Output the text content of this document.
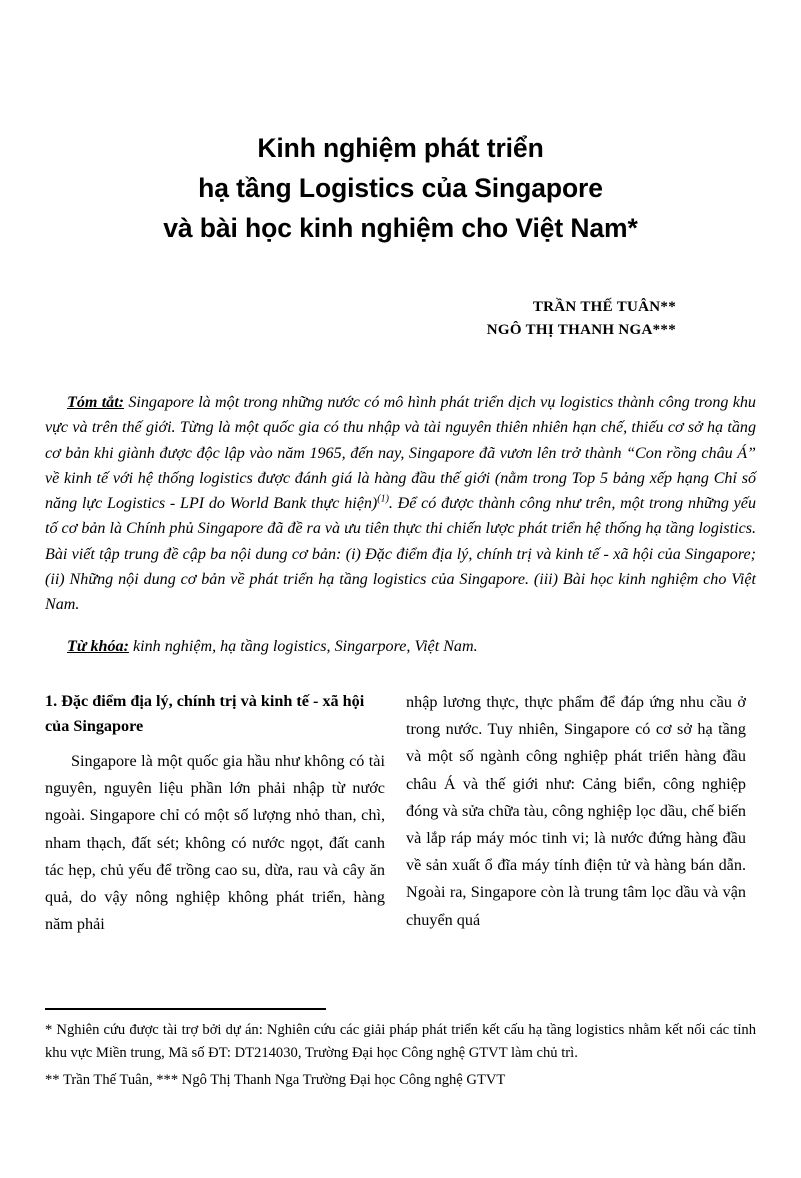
Kinh nghiệm phát triển
hạ tầng Logistics của Singapore
và bài học kinh nghiệm cho Việt Nam*
TRẦN THẾ TUÂN**
NGÔ THỊ THANH NGA***

Tóm tắt: Singapore là một trong những nước có mô hình phát triển dịch vụ logistics thành công trong khu vực và trên thế giới. Từng là một quốc gia có thu nhập và tài nguyên thiên nhiên hạn chế, thiếu cơ sở hạ tầng cơ bản khi giành được độc lập vào năm 1965, đến nay, Singapore đã vươn lên trở thành “Con rồng châu Á” về kinh tế với hệ thống logistics được đánh giá là hàng đầu thế giới (nằm trong Top 5 bảng xếp hạng Chỉ số năng lực Logistics - LPI do World Bank thực hiện)$^{(1)}$. Để có được thành công như trên, một trong những yếu tố cơ bản là Chính phủ Singapore đã đề ra và ưu tiên thực thi chiến lược phát triển hệ thống hạ tầng logistics. Bài viết tập trung đề cập ba nội dung cơ bản: (i) Đặc điểm địa lý, chính trị và kinh tế - xã hội của Singapore; (ii) Những nội dung cơ bản về phát triển hạ tầng logistics của Singapore. (iii) Bài học kinh nghiệm cho Việt Nam.

Từ khóa: kinh nghiệm, hạ tầng logistics, Singarpore, Việt Nam.

1. Đặc điểm địa lý, chính trị và kinh tế - xã hội của Singapore

Singapore là một quốc gia hầu như không có tài nguyên, nguyên liệu phần lớn phải nhập từ nước ngoài. Singapore chỉ có một số lượng nhỏ than, chì, nham thạch, đất sét; không có nước ngọt, đất canh tác hẹp, chủ yếu để trồng cao su, dừa, rau và cây ăn quả, do vậy nông nghiệp không phát triển, hàng năm phải

nhập lương thực, thực phẩm để đáp ứng nhu cầu ở trong nước. Tuy nhiên, Singapore có cơ sở hạ tầng và một số ngành công nghiệp phát triển hàng đầu châu Á và thế giới như: Cảng biển, công nghiệp đóng và sửa chữa tàu, công nghiệp lọc dầu, chế biến và lắp ráp máy móc tinh vi; là nước đứng hàng đầu về sản xuất ổ đĩa máy tính điện tử và hàng bán dẫn. Ngoài ra, Singapore còn là trung tâm lọc dầu và vận chuyển quá

* Nghiên cứu được tài trợ bởi dự án: Nghiên cứu các giải pháp phát triển kết cấu hạ tầng logistics nhằm kết nối các tỉnh khu vực Miền trung, Mã số ĐT: DT214030, Trường Đại học Công nghệ GTVT làm chủ trì.

** Trần Thế Tuân, *** Ngô Thị Thanh Nga Trường Đại học Công nghệ GTVT
